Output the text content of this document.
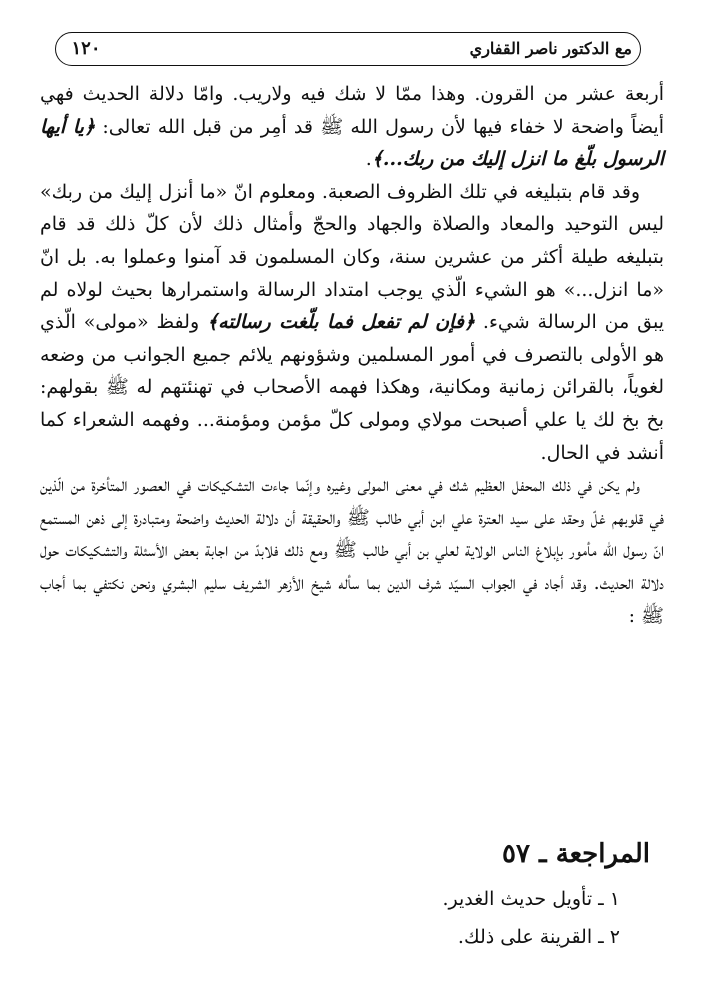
١٢٠	مع الدكتور ناصر القفاري

أربعة عشر من القرون. وهذا ممّا لا شك فيه ولاريب. وامّا دلالة الحديث فهي أيضاً واضحة لا خفاء فيها لأن رسول الله ﷺ قد أمِر من قبل الله تعالى: ﴿يا أيها الرسول بلّغ ما انزل إليك من ربك...﴾.

وقد قام بتبليغه في تلك الظروف الصعبة. ومعلوم انّ «ما أنزل إليك من ربك» ليس التوحيد والمعاد والصلاة والجهاد والحجّ وأمثال ذلك لأن كلّ ذلك قد قام بتبليغه طيلة أكثر من عشرين سنة، وكان المسلمون قد آمنوا وعملوا به. بل انّ «ما انزل...» هو الشيء الّذي يوجب امتداد الرسالة واستمرارها بحيث لولاه لم يبق من الرسالة شيء. ﴿فإن لم تفعل فما بلّغت رسالته﴾ ولفظ «مولى» الّذي هو الأولى بالتصرف في أمور المسلمين وشؤونهم يلائم جميع الجوانب من وضعه لغوياً، بالقرائن زمانية ومكانية، وهكذا فهمه الأصحاب في تهنئتهم له ﷺ بقولهم: بخ بخ لك يا علي أصبحت مولاي ومولى كلّ مؤمن ومؤمنة... وفهمه الشعراء كما أنشد في الحال.

ولم يكن في ذلك المحفل العظيم شك في معنى المولى وغيره وإنّما جاءت التشكيكات في العصور المتأخرة من الّذين في قلوبهم غلّ وحقد على سيد العترة علي ابن أبي طالب ﷺ والحقيقة أن دلالة الحديث واضحة ومتبادرة إلى ذهن المستمع انّ رسول الله مأمور بإبلاغ الناس الولاية لعلي بن أبي طالب ﷺ ومع ذلك فلابدّ من اجابة بعض الأسئلة والتشكيكات حول دلالة الحديث. وقد أجاد في الجواب السيّد شرف الدين بما سأله شيخ الأزهر الشريف سليم البشري ونحن نكتفي بما أجاب ﷺ :

المراجعة ـ ٥٧
١ ـ تأويل حديث الغدير.
٢ ـ القرينة على ذلك.
